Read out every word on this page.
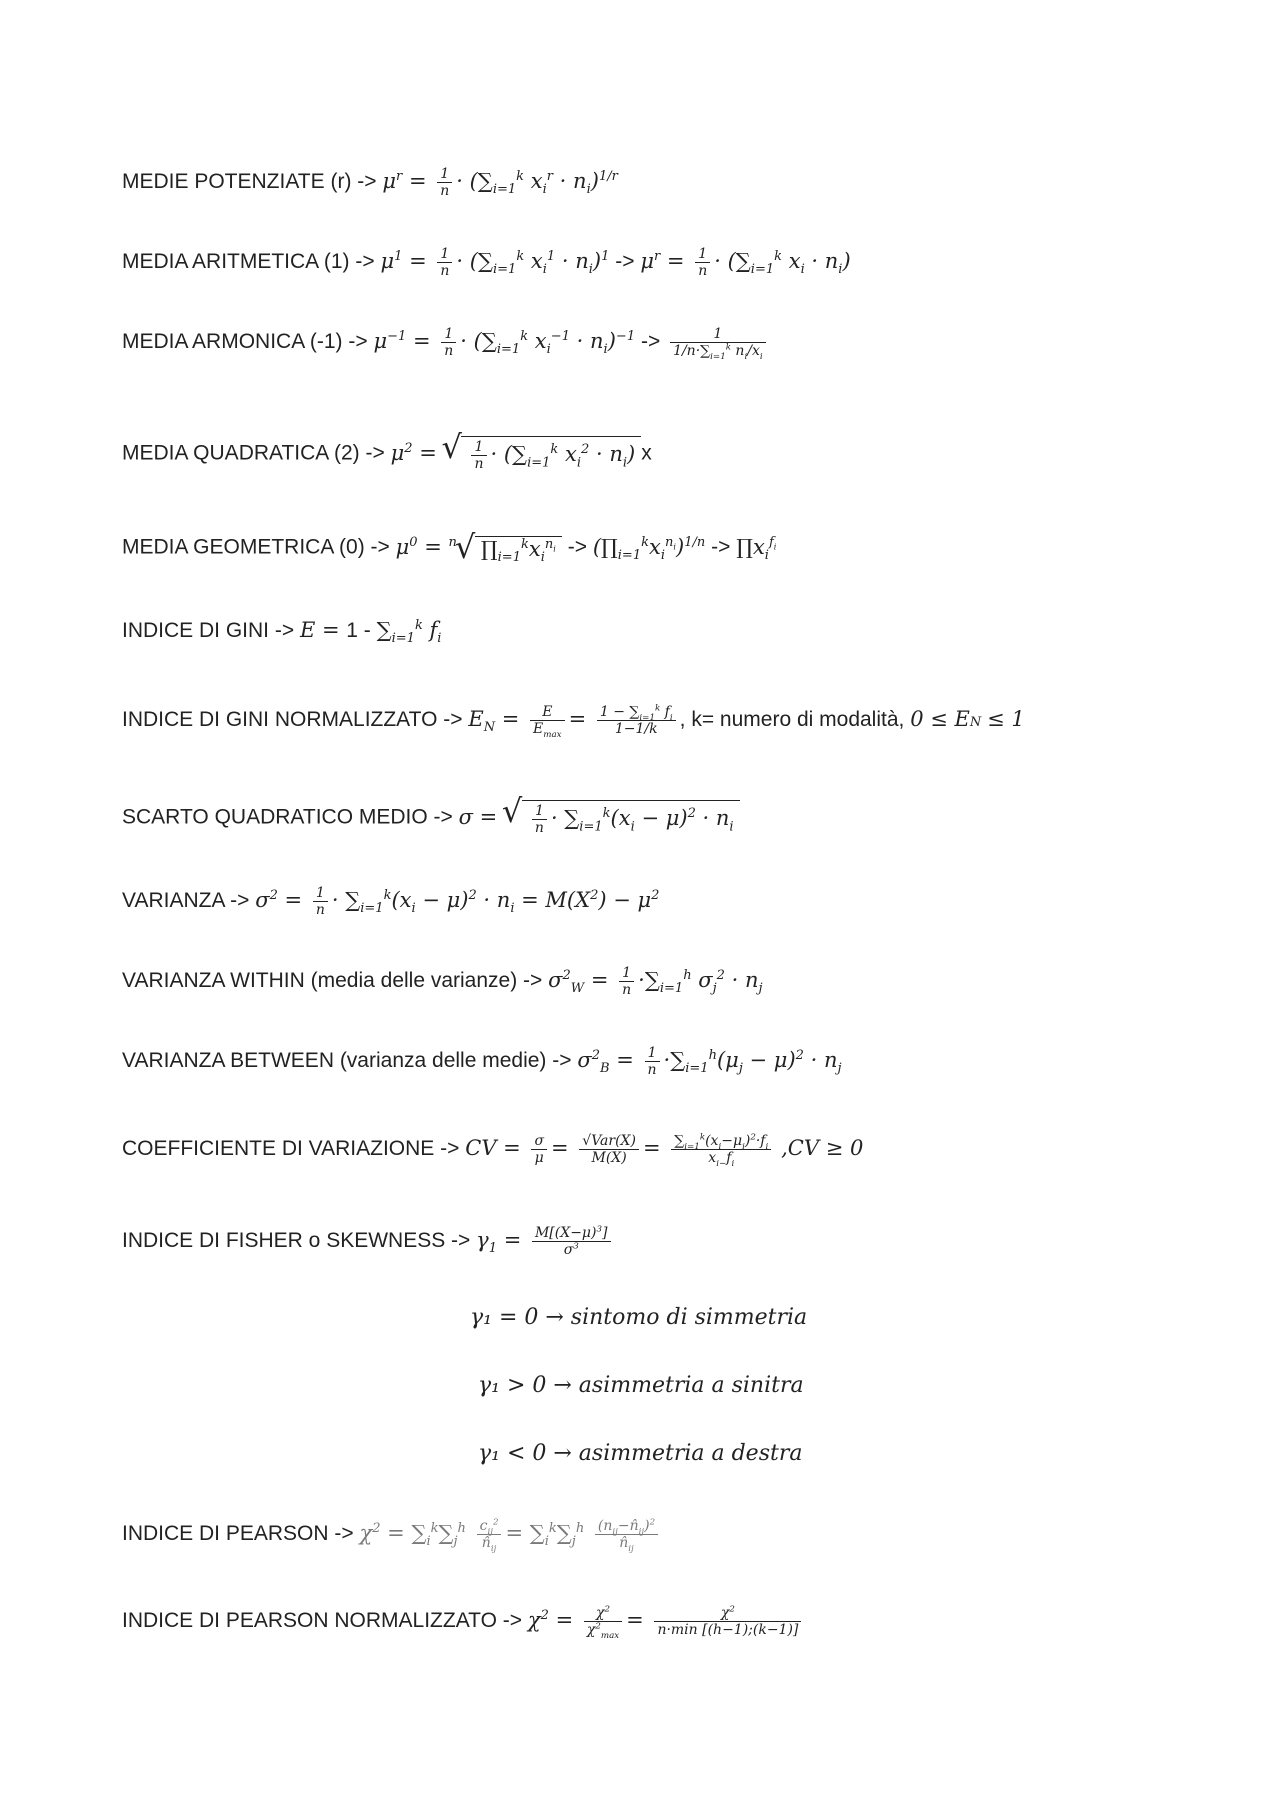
MEDIE POTENZIATE $(r) -> \mu^r = \frac{1}{n} \cdot (\sum_{i=1}^k$ $x_i^r \cdot n_i)^{1/r}$
MEDIA ARITMETICA $(1) -> \mu^1 = \frac{1}{n} \cdot (\sum_{i=1}^k$ $x_i^1 \cdot n_i)^1 -> \mu^r = \frac{1}{n} \cdot (\sum_{i=1}^k$ $x_i \cdot n_i$)
MEDIA ARMONICA $(-1) -> \mu^{-1} = \frac{1}{n} \cdot (\sum_{i=1}^k$ $x_i^{-1} \cdot n_i)^{-1} -> \frac{1}{1/n\cdot\sum_{i=1}^k n_i/x_i}$
MEDIA QUADRATICA $(2) -> \mu^2$ =
√ $\frac{1}{n} \cdot (\sum_{i=1}^k$ $x_i^2 \cdot n_i$) x
MEDIA GEOMETRICA $(0) -> \mu^0 = ^n√$ $\prod_{i=1}^kx_i^{n_i}$ -> $(\prod_{i=1}^kx_i^{n_i})^{1/n}$ -> $\prod x_i^{f_i}$
INDICE DI GINI -> $E = 1 - \sum_{i=1}^k$ $f_i$
INDICE DI GINI NORMALIZZATO -> $E_N = \frac{E}{E_{max}} = \frac{1 - \sum_{i=1}^k f_i}{1-1/k}$ , k= numero di modalità, 0 ≤ EN ≤ 1
SCARTO QUADRATICO MEDIO -> σ =
√ $\frac{1}{n} \cdot \sum_{i=1}^k(x_i - \mu)^2 \cdot n_i$
VARIANZA -> $\sigma^2 = \frac{1}{n} \cdot \sum_{i=1}^k(x_i - \mu)^2 \cdot n_i = M(X^2) - \mu^2$
VARIANZA WITHIN (media delle varianze) -> $\sigma^2_W = \frac{1}{n} \cdot\sum_{i=1}^h$ $\sigma_j^2 \cdot n_j$
VARIANZA BETWEEN (varianza delle medie) -> $\sigma^2_B = \frac{1}{n} \cdot\sum_{i=1}^h(\mu_j - \mu)^2 \cdot n_j$
COEFFICIENTE DI VARIAZIONE -> CV = $\frac{\sigma}{\mu} = \frac{\text{√Var(X)}}{M(X)} = \frac{\sum_{i=1}^k(x_i-\mu_i)^2\cdot f_i}{x_{i-}f_i} ,CV \ge 0$
INDICE DI FISHER o SKEWNESS -> $\gamma_1 = \frac{M[(X-\mu)^3]}{\sigma^3}$
γ₁ = 0 → sintomo di simmetria
γ₁ > 0 → asimmetria a sinitra
γ₁ < 0 → asimmetria a destra
INDICE DI PEARSON -> $\chi^2 = \sum_i^k\sum_j^h \frac{c_{ij}^2}{n̂_{ij}} = \sum_i^k\sum_j^h \frac{(n_{ij}-n̂_{ij})^2}{n̂_{ij}}$
INDICE DI PEARSON NORMALIZZATO -> $\chi^2 = \frac{\chi^2}{\chi^2_{max}} = \frac{\chi^2}{n\cdot\min [(h-1);(k-1)]}$
